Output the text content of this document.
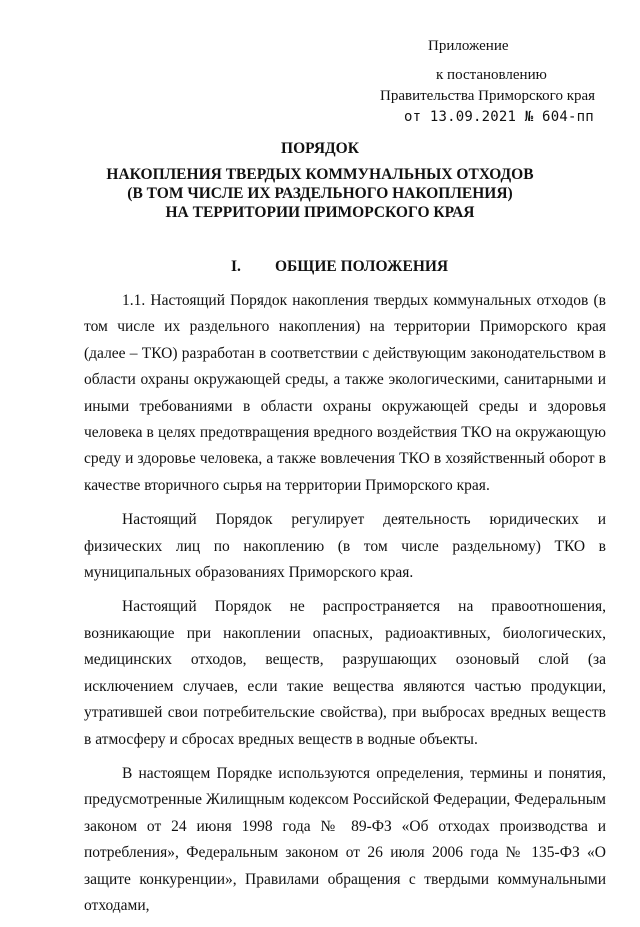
Приложение
к постановлению
Правительства Приморского края
от 13.09.2021 № 604-пп
ПОРЯДОК
НАКОПЛЕНИЯ ТВЕРДЫХ КОММУНАЛЬНЫХ ОТХОДОВ
(В ТОМ ЧИСЛЕ ИХ РАЗДЕЛЬНОГО НАКОПЛЕНИЯ)
НА ТЕРРИТОРИИ ПРИМОРСКОГО КРАЯ
I. ОБЩИЕ ПОЛОЖЕНИЯ

1.1. Настоящий Порядок накопления твердых коммунальных отходов (в том числе их раздельного накопления) на территории Приморского края (далее – ТКО) разработан в соответствии с действующим законодательством в области охраны окружающей среды, а также экологическими, санитарными и иными требованиями в области охраны окружающей среды и здоровья человека в целях предотвращения вредного воздействия ТКО на окружающую среду и здоровье человека, а также вовлечения ТКО в хозяйственный оборот в качестве вторичного сырья на территории Приморского края.

Настоящий Порядок регулирует деятельность юридических и физических лиц по накоплению (в том числе раздельному) ТКО в муниципальных образованиях Приморского края.

Настоящий Порядок не распространяется на правоотношения, возникающие при накоплении опасных, радиоактивных, биологических, медицинских отходов, веществ, разрушающих озоновый слой (за исключением случаев, если такие вещества являются частью продукции, утратившей свои потребительские свойства), при выбросах вредных веществ в атмосферу и сбросах вредных веществ в водные объекты.

В настоящем Порядке используются определения, термины и понятия, предусмотренные Жилищным кодексом Российской Федерации, Федеральным законом от 24 июня 1998 года № 89-ФЗ «Об отходах производства и потребления», Федеральным законом от 26 июля 2006 года № 135-ФЗ «О защите конкуренции», Правилами обращения с твердыми коммунальными отходами,
